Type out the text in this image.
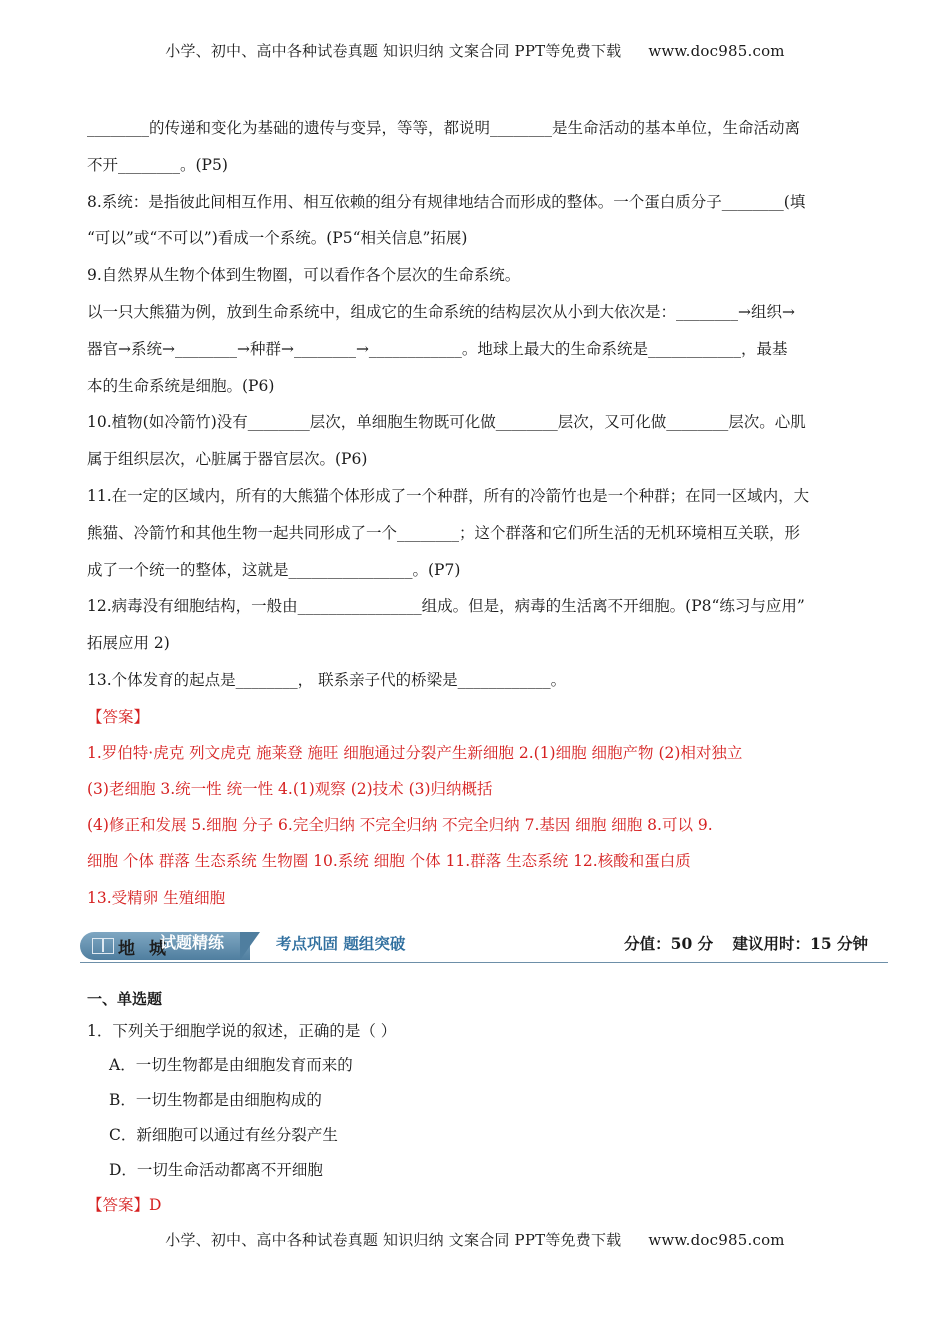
小学、初中、高中各种试卷真题 知识归纳 文案合同 PPT等免费下载 www.doc985.com
________的传递和变化为基础的遗传与变异，等等，都说明________是生命活动的基本单位，生命活动离
不开________。(P5)
8.系统：是指彼此间相互作用、相互依赖的组分有规律地结合而形成的整体。一个蛋白质分子________(填
“可以”或“不可以”)看成一个系统。(P5“相关信息”拓展)
9.自然界从生物个体到生物圈，可以看作各个层次的生命系统。
以一只大熊猫为例，放到生命系统中，组成它的生命系统的结构层次从小到大依次是：________→组织→
器官→系统→________→种群→________→____________。地球上最大的生命系统是____________，最基
本的生命系统是细胞。(P6)
10.植物(如冷箭竹)没有________层次，单细胞生物既可化做________层次，又可化做________层次。心肌
属于组织层次，心脏属于器官层次。(P6)
11.在一定的区域内，所有的大熊猫个体形成了一个种群，所有的冷箭竹也是一个种群；在同一区域内，大
熊猫、冷箭竹和其他生物一起共同形成了一个________；这个群落和它们所生活的无机环境相互关联，形
成了一个统一的整体，这就是________________。(P7)
12.病毒没有细胞结构，一般由________________组成。但是，病毒的生活离不开细胞。(P8“练习与应用”
拓展应用 2)
13.个体发育的起点是________， 联系亲子代的桥梁是____________。
【答案】
1.罗伯特·虎克 列文虎克 施莱登 施旺 细胞通过分裂产生新细胞 2.(1)细胞 细胞产物 (2)相对独立
(3)老细胞 3.统一性 统一性 4.(1)观察 (2)技术 (3)归纳概括
(4)修正和发展 5.细胞 分子 6.完全归纳 不完全归纳 不完全归纳 7.基因 细胞 细胞 8.可以 9.
细胞 个体 群落 生态系统 生物圈 10.系统 细胞 个体 11.群落 生态系统 12.核酸和蛋白质
13.受精卵 生殖细胞
地城
试题精练	考点巩固 题组突破	分值：50 分 建议用时：15 分钟
一、单选题
1．下列关于细胞学说的叙述，正确的是（ ）
A．一切生物都是由细胞发育而来的
B．一切生物都是由细胞构成的
C．新细胞可以通过有丝分裂产生
D．一切生命活动都离不开细胞
【答案】D
小学、初中、高中各种试卷真题 知识归纳 文案合同 PPT等免费下载 www.doc985.com
